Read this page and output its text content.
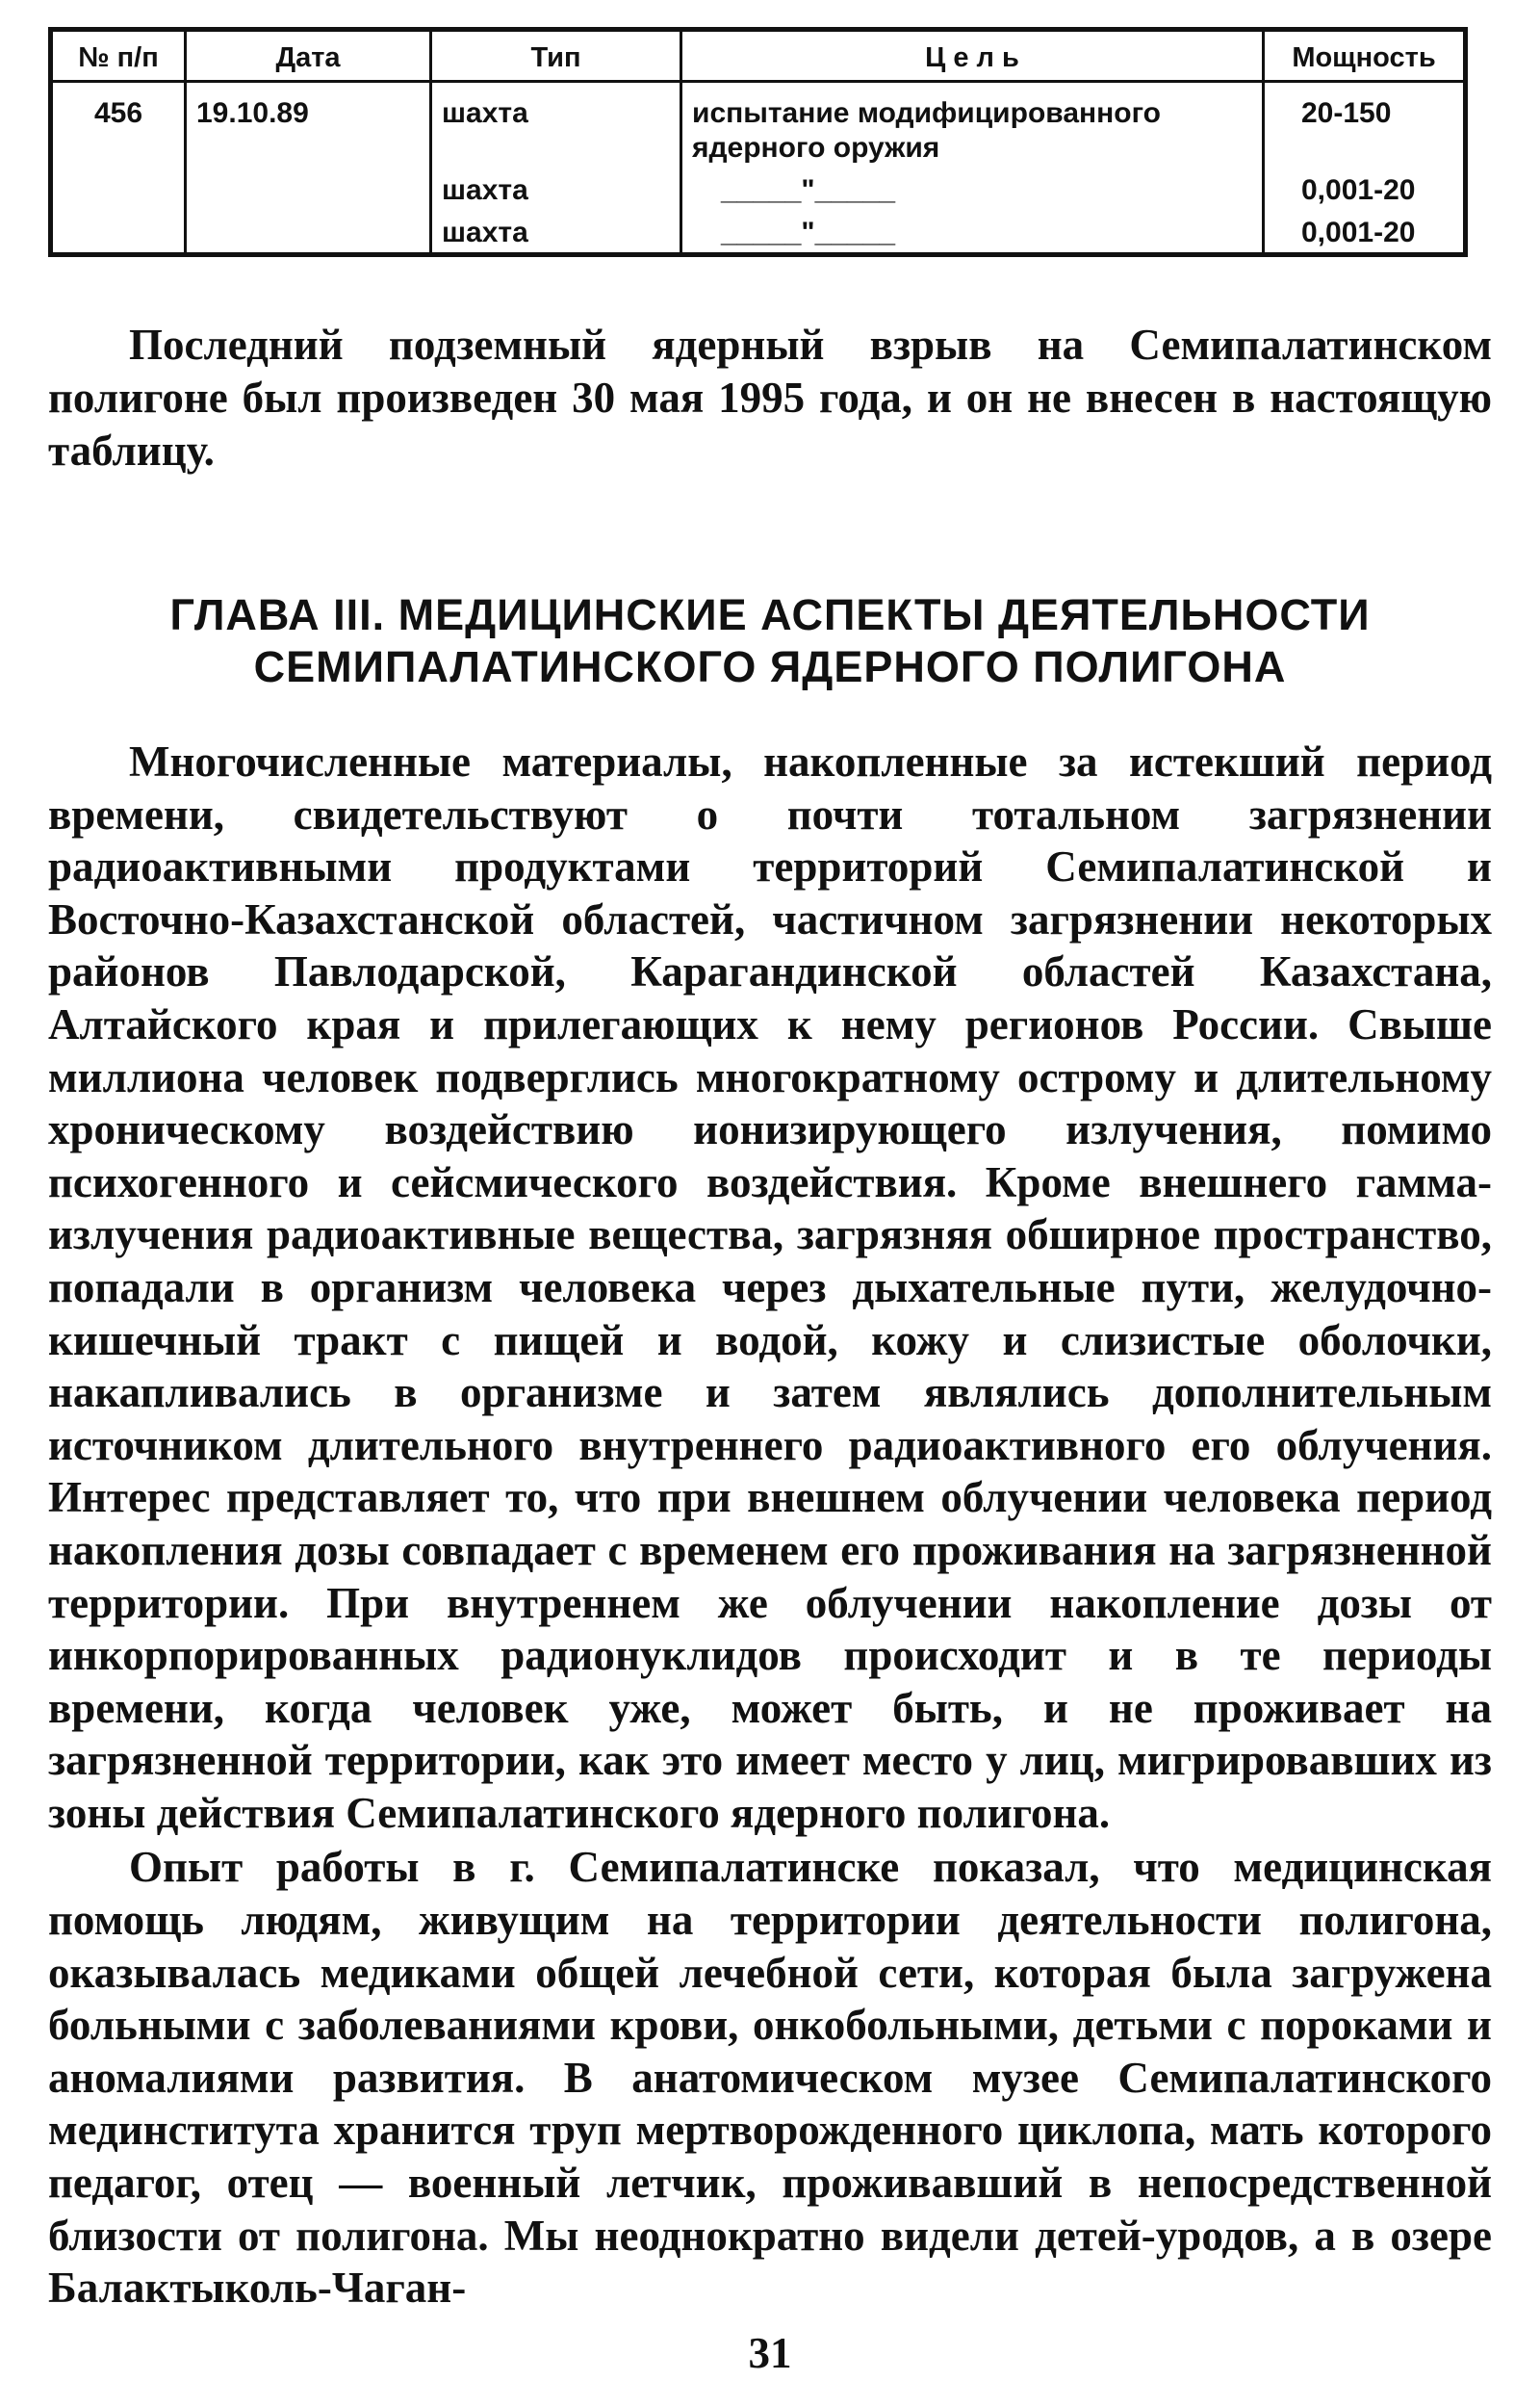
№ п/п	Дата	Тип	Ц е л ь	Мощность
456	19.10.89	шахта	испытание модифицированного ядерного оружия	20-150
		шахта	_____"_____	0,001-20
		шахта	_____"_____	0,001-20

Последний подземный ядерный взрыв на Семипалатинском полигоне был произведен 30 мая 1995 года, и он не внесен в настоящую таблицу.

ГЛАВА III. МЕДИЦИНСКИЕ АСПЕКТЫ ДЕЯТЕЛЬНОСТИ
СЕМИПАЛАТИНСКОГО ЯДЕРНОГО ПОЛИГОНА

Многочисленные материалы, накопленные за истекший период времени, свидетельствуют о почти тотальном загрязнении радиоактивными продуктами территорий Семипалатинской и Восточно-Казахстанской областей, частичном загрязнении некоторых районов Павлодарской, Карагандинской областей Казахстана, Алтайского края и прилегающих к нему регионов России. Свыше миллиона человек подверглись многократному острому и длительному хроническому воздействию ионизирующего излучения, помимо психогенного и сейсмического воздействия. Кроме внешнего гамма-излучения радиоактивные вещества, загрязняя обширное пространство, попадали в организм человека через дыхательные пути, желудочно-кишечный тракт с пищей и водой, кожу и слизистые оболочки, накапливались в организме и затем являлись дополнительным источником длительного внутреннего радиоактивного его облучения. Интерес представляет то, что при внешнем облучении человека период накопления дозы совпадает с временем его проживания на загрязненной территории. При внутреннем же облучении накопление дозы от инкорпорированных радионуклидов происходит и в те периоды времени, когда человек уже, может быть, и не проживает на загрязненной территории, как это имеет место у лиц, мигрировавших из зоны действия Семипалатинского ядерного полигона.

Опыт работы в г. Семипалатинске показал, что медицинская помощь людям, живущим на территории деятельности полигона, оказывалась медиками общей лечебной сети, которая была загружена больными с заболеваниями крови, онкобольными, детьми с пороками и аномалиями развития. В анатомическом музее Семипалатинского мединститута хранится труп мертворожденного циклопа, мать которого педагог, отец — военный летчик, проживавший в непосредственной близости от полигона. Мы неоднократно видели детей-уродов, а в озере Балактыколь-Чаган-

31
